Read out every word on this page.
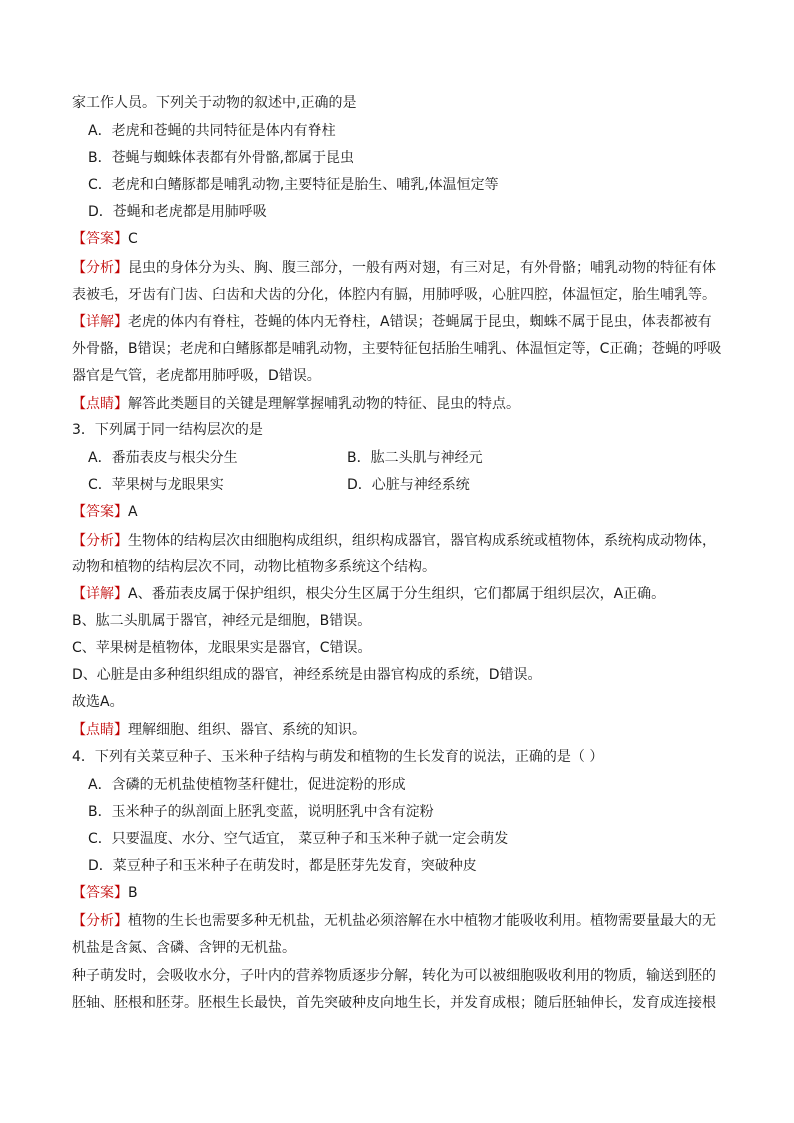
家工作人员。下列关于动物的叙述中,正确的是
A．老虎和苍蝇的共同特征是体内有脊柱
B．苍蝇与蜘蛛体表都有外骨骼,都属于昆虫
C．老虎和白鳍豚都是哺乳动物,主要特征是胎生、哺乳,体温恒定等
D．苍蝇和老虎都是用肺呼吸
【答案】C
【分析】昆虫的身体分为头、胸、腹三部分，一般有两对翅，有三对足，有外骨骼；哺乳动物的特征有体
表被毛，牙齿有门齿、臼齿和犬齿的分化，体腔内有膈，用肺呼吸，心脏四腔，体温恒定，胎生哺乳等。
【详解】老虎的体内有脊柱，苍蝇的体内无脊柱，A错误；苍蝇属于昆虫，蜘蛛不属于昆虫，体表都被有
外骨骼，B错误；老虎和白鳍豚都是哺乳动物，主要特征包括胎生哺乳、体温恒定等，C正确；苍蝇的呼吸
器官是气管，老虎都用肺呼吸，D错误。
【点睛】解答此类题目的关键是理解掌握哺乳动物的特征、昆虫的特点。
3．下列属于同一结构层次的是
A．番茄表皮与根尖分生	B．肱二头肌与神经元
C．苹果树与龙眼果实	D．心脏与神经系统
【答案】A
【分析】生物体的结构层次由细胞构成组织，组织构成器官，器官构成系统或植物体，系统构成动物体，
动物和植物的结构层次不同，动物比植物多系统这个结构。
【详解】A、番茄表皮属于保护组织，根尖分生区属于分生组织，它们都属于组织层次，A正确。
B、肱二头肌属于器官，神经元是细胞，B错误。
C、苹果树是植物体，龙眼果实是器官，C错误。
D、心脏是由多种组织组成的器官，神经系统是由器官构成的系统，D错误。
故选A。
【点睛】理解细胞、组织、器官、系统的知识。
4．下列有关菜豆种子、玉米种子结构与萌发和植物的生长发育的说法，正确的是（ ）
A．含磷的无机盐使植物茎秆健壮，促进淀粉的形成
B．玉米种子的纵剖面上胚乳变蓝，说明胚乳中含有淀粉
C．只要温度、水分、空气适宜， 菜豆种子和玉米种子就一定会萌发
D．菜豆种子和玉米种子在萌发时，都是胚芽先发育，突破种皮
【答案】B
【分析】植物的生长也需要多种无机盐，无机盐必须溶解在水中植物才能吸收利用。植物需要量最大的无
机盐是含氮、含磷、含钾的无机盐。
种子萌发时，会吸收水分，子叶内的营养物质逐步分解，转化为可以被细胞吸收利用的物质，输送到胚的
胚轴、胚根和胚芽。胚根生长最快，首先突破种皮向地生长，并发育成根；随后胚轴伸长，发育成连接根
